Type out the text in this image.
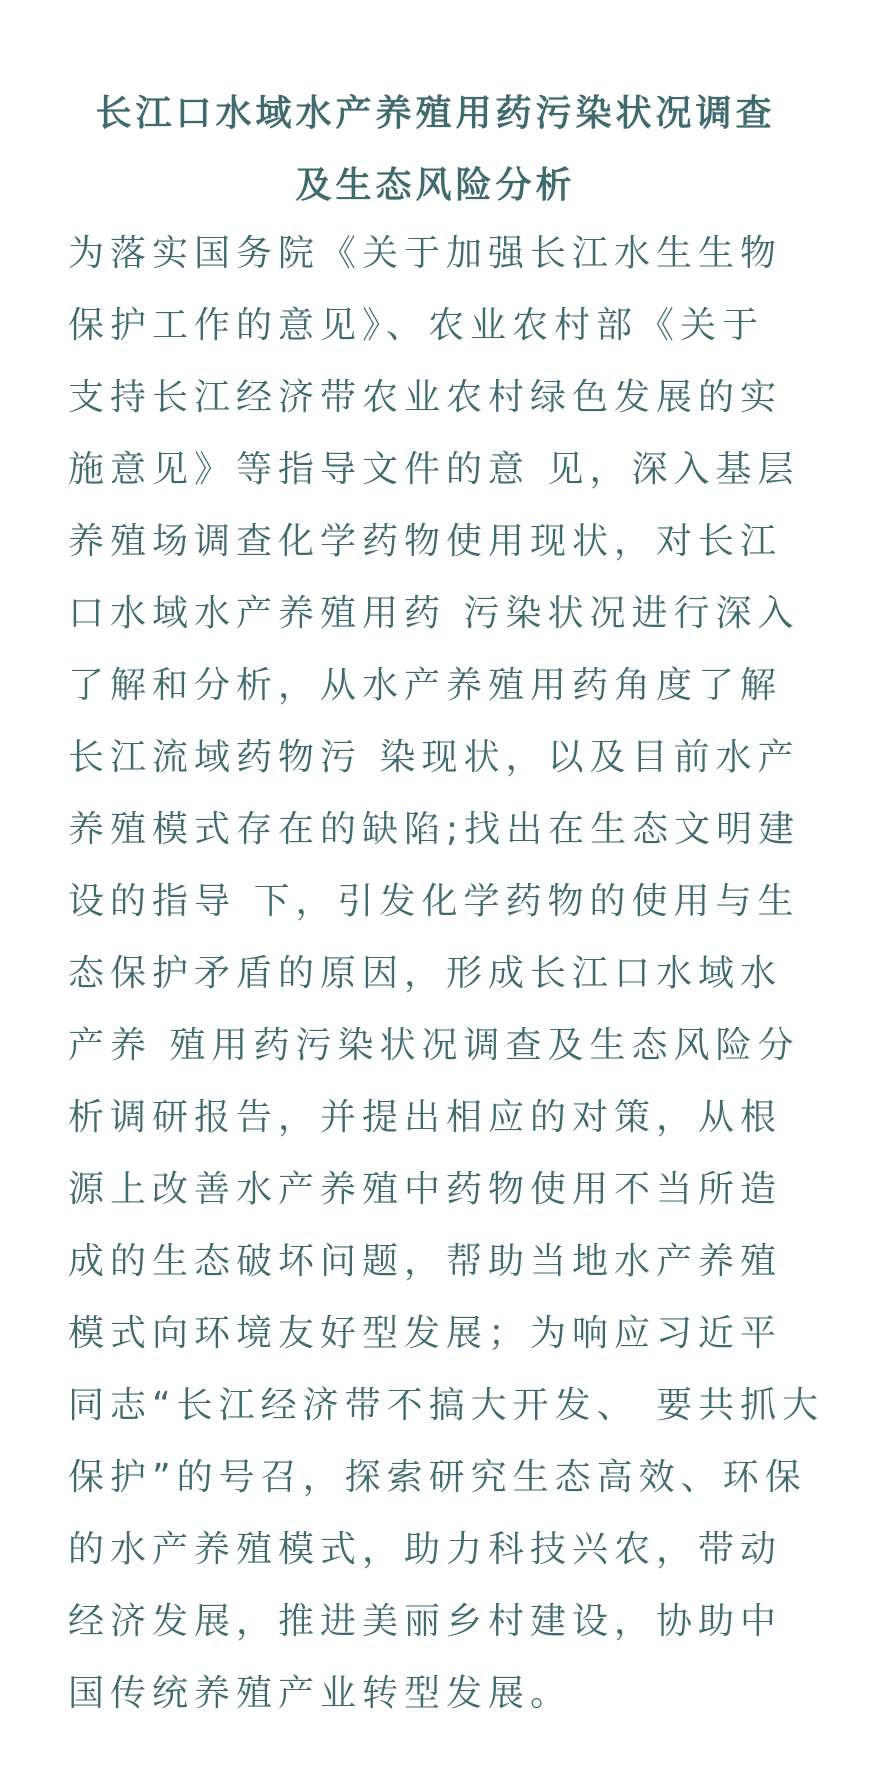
长江口水域水产养殖用药污染状况调查
及生态风险分析
为落实国务院《关于加强长江水生生物
保护工作的意见》、农业农村部《关于
支持长江经济带农业农村绿色发展的实
施意见》等指导文件的意 见，深入基层
养殖场调查化学药物使用现状，对长江
口水域水产养殖用药 污染状况进行深入
了解和分析，从水产养殖用药角度了解
长江流域药物污 染现状，以及目前水产
养殖模式存在的缺陷;找出在生态文明建
设的指导 下，引发化学药物的使用与生
态保护矛盾的原因，形成长江口水域水
产养 殖用药污染状况调查及生态风险分
析调研报告，并提出相应的对策，从根
源上改善水产养殖中药物使用不当所造
成的生态破坏问题，帮助当地水产养殖
模式向环境友好型发展；为响应习近平
同志“长江经济带不搞大开发、 要共抓大
保护”的号召，探索研究生态高效、环保
的水产养殖模式，助力科技兴农，带动
经济发展，推进美丽乡村建设，协助中
国传统养殖产业转型发展。
